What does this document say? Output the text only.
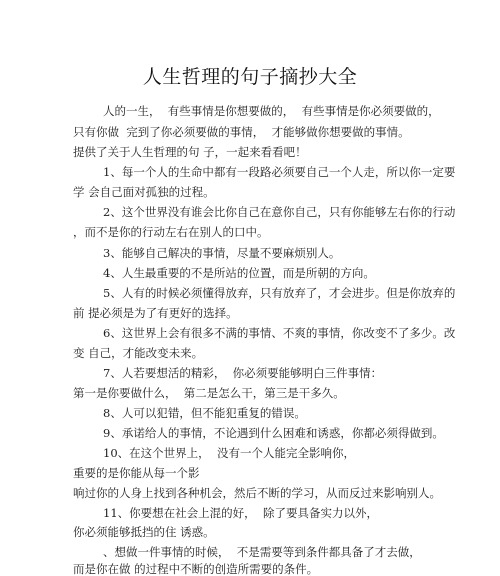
人生哲理的句子摘抄大全
人的一生，  有些事情是你想要做的，  有些事情是你必须要做的，
只有你做  完到了你必须要做的事情，  才能够做你想要做的事情。
提供了关于人生哲理的句 子，一起来看看吧！
1、每一个人的生命中都有一段路必须要自己一个人走，所以你一定要
学 会自己面对孤独的过程。
2、这个世界没有谁会比你自己在意你自己，只有你能够左右你的行动
，而不是你的行动左右在别人的口中。
3、能够自己解决的事情，尽量不要麻烦别人。
4、人生最重要的不是所站的位置，而是所朝的方向。
5、人有的时候必须懂得放弃，只有放弃了，才会进步。但是你放弃的
前 提必须是为了有更好的选择。
6、这世界上会有很多不满的事情、不爽的事情，你改变不了多少。改
变 自己，才能改变未来。
7、人若要想活的精彩，  你必须要能够明白三件事情：
第一是你要做什么，  第二是怎么干，第三是干多久。
8、人可以犯错，但不能犯重复的错误。
9、承诺给人的事情，不论遇到什么困难和诱惑，你都必须得做到。
10、在这个世界上，  没有一个人能完全影响你，
重要的是你能从每一个影
响过你的人身上找到各种机会，然后不断的学习，从而反过来影响别人。
11、你要想在社会上混的好，  除了要具备实力以外，
你必须能够抵挡的住 诱惑。
、想做一件事情的时候，  不是需要等到条件都具备了才去做，
而是你在做 的过程中不断的创造所需要的条件。
